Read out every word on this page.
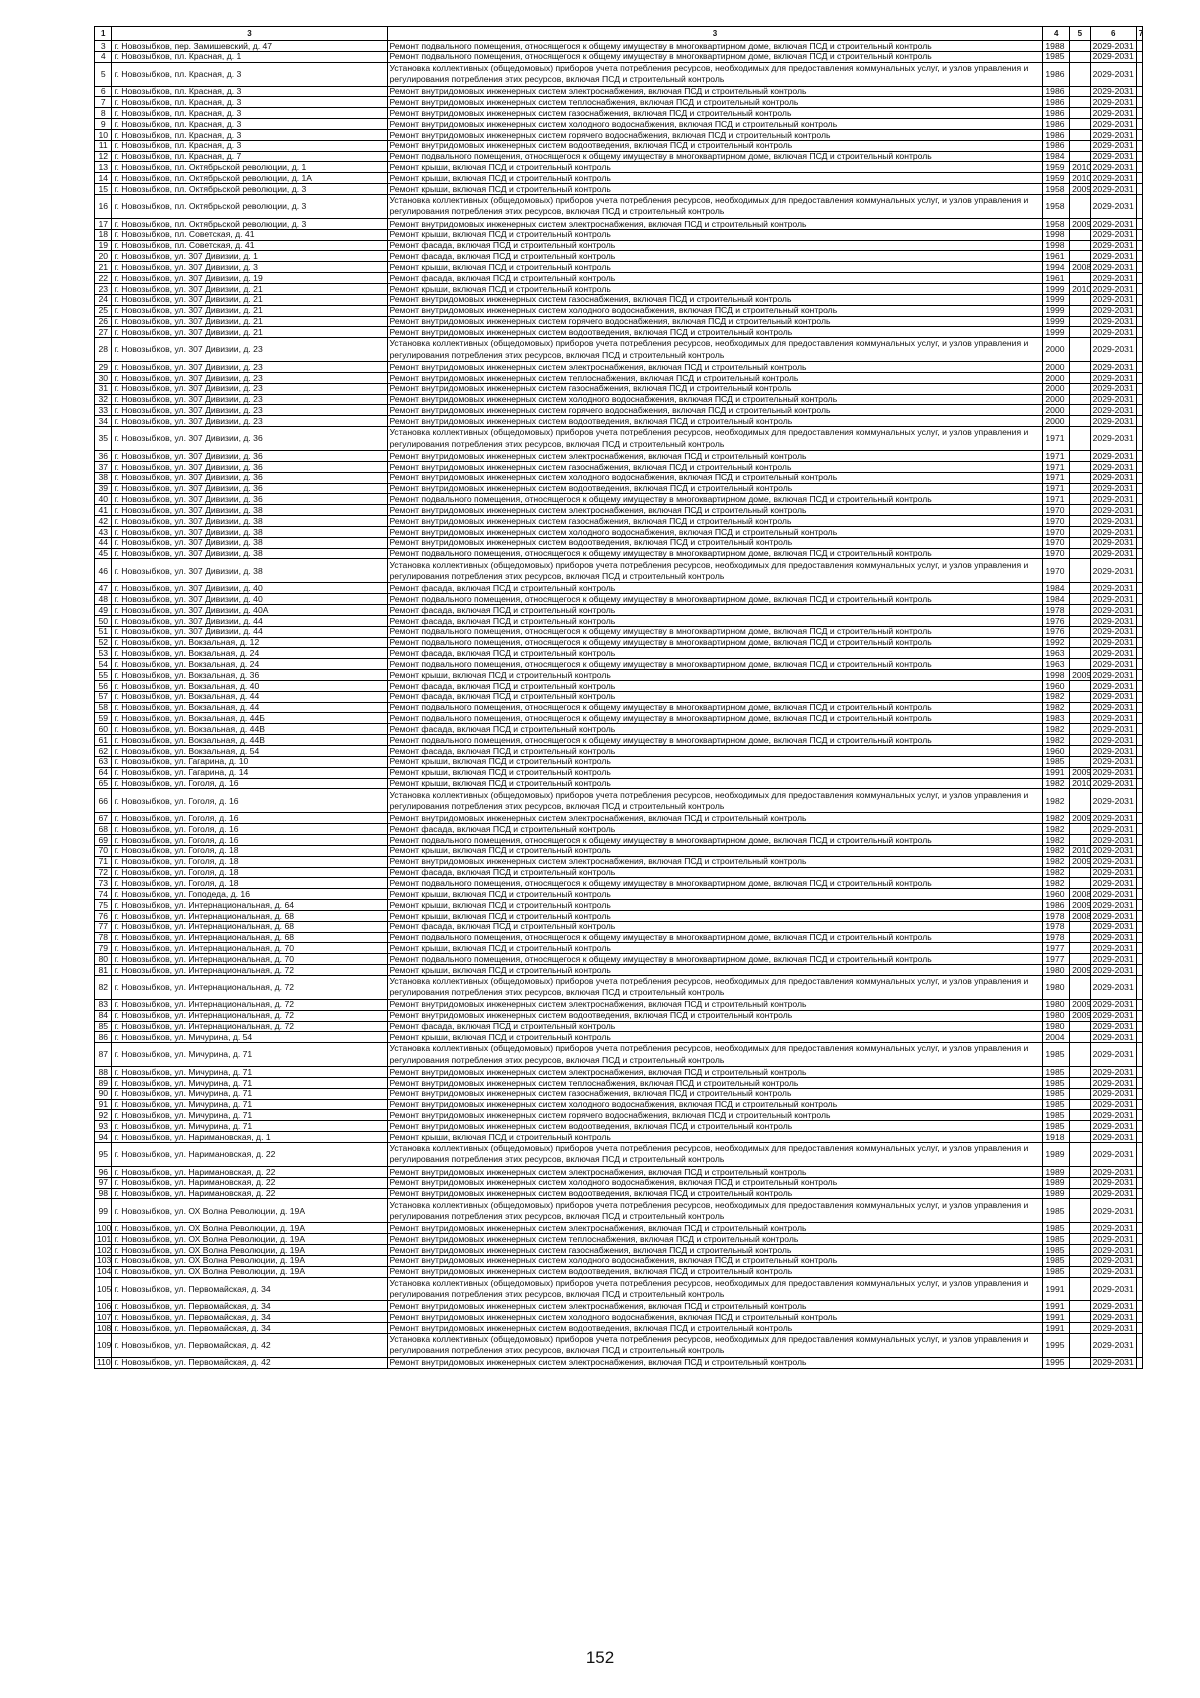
1	3	3	4	5	6	7
3	г. Новозыбков, пер. Замишевский, д. 47	Ремонт подвального помещения, относящегося к общему имуществу в многоквартирном доме, включая ПСД и строительный контроль	1988		2029-2031	
4	г. Новозыбков, пл. Красная, д. 1	Ремонт подвального помещения, относящегося к общему имуществу в многоквартирном доме, включая ПСД и строительный контроль	1985		2029-2031	
5	г. Новозыбков, пл. Красная, д. 3	Установка коллективных (общедомовых) приборов учета потребления ресурсов, необходимых для предоставления коммунальных услуг, и узлов управления и регулирования потребления этих ресурсов, включая ПСД и строительный контроль	1986		2029-2031	
6	г. Новозыбков, пл. Красная, д. 3	Ремонт внутридомовых инженерных систем электроснабжения, включая ПСД и строительный контроль	1986		2029-2031	
7	г. Новозыбков, пл. Красная, д. 3	Ремонт внутридомовых инженерных систем теплоснабжения, включая ПСД и строительный контроль	1986		2029-2031	
8	г. Новозыбков, пл. Красная, д. 3	Ремонт внутридомовых инженерных систем газоснабжения, включая ПСД и строительный контроль	1986		2029-2031	
9	г. Новозыбков, пл. Красная, д. 3	Ремонт внутридомовых инженерных систем холодного водоснабжения, включая ПСД и строительный контроль	1986		2029-2031	
10	г. Новозыбков, пл. Красная, д. 3	Ремонт внутридомовых инженерных систем горячего водоснабжения, включая ПСД и строительный контроль	1986		2029-2031	
11	г. Новозыбков, пл. Красная, д. 3	Ремонт внутридомовых инженерных систем водоотведения, включая ПСД и строительный контроль	1986		2029-2031	
12	г. Новозыбков, пл. Красная, д. 7	Ремонт подвального помещения, относящегося к общему имуществу в многоквартирном доме, включая ПСД и строительный контроль	1984		2029-2031	
13	г. Новозыбков, пл. Октябрьской революции, д. 1	Ремонт крыши, включая ПСД и строительный контроль	1959	2010	2029-2031	
14	г. Новозыбков, пл. Октябрьской революции, д. 1А	Ремонт крыши, включая ПСД и строительный контроль	1959	2010	2029-2031	
15	г. Новозыбков, пл. Октябрьской революции, д. 3	Ремонт крыши, включая ПСД и строительный контроль	1958	2009	2029-2031	
16	г. Новозыбков, пл. Октябрьской революции, д. 3	Установка коллективных (общедомовых) приборов учета потребления ресурсов, необходимых для предоставления коммунальных услуг, и узлов управления и регулирования потребления этих ресурсов, включая ПСД и строительный контроль	1958		2029-2031	
17	г. Новозыбков, пл. Октябрьской революции, д. 3	Ремонт внутридомовых инженерных систем электроснабжения, включая ПСД и строительный контроль	1958	2009	2029-2031	
18	г. Новозыбков, пл. Советская, д. 41	Ремонт крыши, включая ПСД и строительный контроль	1998		2029-2031	
19	г. Новозыбков, пл. Советская, д. 41	Ремонт фасада, включая ПСД и строительный контроль	1998		2029-2031	
20	г. Новозыбков, ул. 307 Дивизии, д. 1	Ремонт фасада, включая ПСД и строительный контроль	1961		2029-2031	
21	г. Новозыбков, ул. 307 Дивизии, д. 3	Ремонт крыши, включая ПСД и строительный контроль	1994	2008	2029-2031	
22	г. Новозыбков, ул. 307 Дивизии, д. 19	Ремонт фасада, включая ПСД и строительный контроль	1961		2029-2031	
23	г. Новозыбков, ул. 307 Дивизии, д. 21	Ремонт крыши, включая ПСД и строительный контроль	1999	2010	2029-2031	
24	г. Новозыбков, ул. 307 Дивизии, д. 21	Ремонт внутридомовых инженерных систем газоснабжения, включая ПСД и строительный контроль	1999		2029-2031	
25	г. Новозыбков, ул. 307 Дивизии, д. 21	Ремонт внутридомовых инженерных систем холодного водоснабжения, включая ПСД и строительный контроль	1999		2029-2031	
26	г. Новозыбков, ул. 307 Дивизии, д. 21	Ремонт внутридомовых инженерных систем горячего водоснабжения, включая ПСД и строительный контроль	1999		2029-2031	
27	г. Новозыбков, ул. 307 Дивизии, д. 21	Ремонт внутридомовых инженерных систем водоотведения, включая ПСД и строительный контроль	1999		2029-2031	
28	г. Новозыбков, ул. 307 Дивизии, д. 23	Установка коллективных (общедомовых) приборов учета потребления ресурсов, необходимых для предоставления коммунальных услуг, и узлов управления и регулирования потребления этих ресурсов, включая ПСД и строительный контроль	2000		2029-2031	
29	г. Новозыбков, ул. 307 Дивизии, д. 23	Ремонт внутридомовых инженерных систем электроснабжения, включая ПСД и строительный контроль	2000		2029-2031	
30	г. Новозыбков, ул. 307 Дивизии, д. 23	Ремонт внутридомовых инженерных систем теплоснабжения, включая ПСД и строительный контроль	2000		2029-2031	
31	г. Новозыбков, ул. 307 Дивизии, д. 23	Ремонт внутридомовых инженерных систем газоснабжения, включая ПСД и строительный контроль	2000		2029-2031	
32	г. Новозыбков, ул. 307 Дивизии, д. 23	Ремонт внутридомовых инженерных систем холодного водоснабжения, включая ПСД и строительный контроль	2000		2029-2031	
33	г. Новозыбков, ул. 307 Дивизии, д. 23	Ремонт внутридомовых инженерных систем горячего водоснабжения, включая ПСД и строительный контроль	2000		2029-2031	
34	г. Новозыбков, ул. 307 Дивизии, д. 23	Ремонт внутридомовых инженерных систем водоотведения, включая ПСД и строительный контроль	2000		2029-2031	
35	г. Новозыбков, ул. 307 Дивизии, д. 36	Установка коллективных (общедомовых) приборов учета потребления ресурсов, необходимых для предоставления коммунальных услуг, и узлов управления и регулирования потребления этих ресурсов, включая ПСД и строительный контроль	1971		2029-2031	
36	г. Новозыбков, ул. 307 Дивизии, д. 36	Ремонт внутридомовых инженерных систем электроснабжения, включая ПСД и строительный контроль	1971		2029-2031	
37	г. Новозыбков, ул. 307 Дивизии, д. 36	Ремонт внутридомовых инженерных систем газоснабжения, включая ПСД и строительный контроль	1971		2029-2031	
38	г. Новозыбков, ул. 307 Дивизии, д. 36	Ремонт внутридомовых инженерных систем холодного водоснабжения, включая ПСД и строительный контроль	1971		2029-2031	
39	г. Новозыбков, ул. 307 Дивизии, д. 36	Ремонт внутридомовых инженерных систем водоотведения, включая ПСД и строительный контроль	1971		2029-2031	
40	г. Новозыбков, ул. 307 Дивизии, д. 36	Ремонт подвального помещения, относящегося к общему имуществу в многоквартирном доме, включая ПСД и строительный контроль	1971		2029-2031	
41	г. Новозыбков, ул. 307 Дивизии, д. 38	Ремонт внутридомовых инженерных систем электроснабжения, включая ПСД и строительный контроль	1970		2029-2031	
42	г. Новозыбков, ул. 307 Дивизии, д. 38	Ремонт внутридомовых инженерных систем газоснабжения, включая ПСД и строительный контроль	1970		2029-2031	
43	г. Новозыбков, ул. 307 Дивизии, д. 38	Ремонт внутридомовых инженерных систем холодного водоснабжения, включая ПСД и строительный контроль	1970		2029-2031	
44	г. Новозыбков, ул. 307 Дивизии, д. 38	Ремонт внутридомовых инженерных систем водоотведения, включая ПСД и строительный контроль	1970		2029-2031	
45	г. Новозыбков, ул. 307 Дивизии, д. 38	Ремонт подвального помещения, относящегося к общему имуществу в многоквартирном доме, включая ПСД и строительный контроль	1970		2029-2031	
46	г. Новозыбков, ул. 307 Дивизии, д. 38	Установка коллективных (общедомовых) приборов учета потребления ресурсов, необходимых для предоставления коммунальных услуг, и узлов управления и регулирования потребления этих ресурсов, включая ПСД и строительный контроль	1970		2029-2031	
47	г. Новозыбков, ул. 307 Дивизии, д. 40	Ремонт фасада, включая ПСД и строительный контроль	1984		2029-2031	
48	г. Новозыбков, ул. 307 Дивизии, д. 40	Ремонт подвального помещения, относящегося к общему имуществу в многоквартирном доме, включая ПСД и строительный контроль	1984		2029-2031	
49	г. Новозыбков, ул. 307 Дивизии, д. 40А	Ремонт фасада, включая ПСД и строительный контроль	1978		2029-2031	
50	г. Новозыбков, ул. 307 Дивизии, д. 44	Ремонт фасада, включая ПСД и строительный контроль	1976		2029-2031	
51	г. Новозыбков, ул. 307 Дивизии, д. 44	Ремонт подвального помещения, относящегося к общему имуществу в многоквартирном доме, включая ПСД и строительный контроль	1976		2029-2031	
52	г. Новозыбков, ул. Вокзальная, д. 12	Ремонт подвального помещения, относящегося к общему имуществу в многоквартирном доме, включая ПСД и строительный контроль	1992		2029-2031	
53	г. Новозыбков, ул. Вокзальная, д. 24	Ремонт фасада, включая ПСД и строительный контроль	1963		2029-2031	
54	г. Новозыбков, ул. Вокзальная, д. 24	Ремонт подвального помещения, относящегося к общему имуществу в многоквартирном доме, включая ПСД и строительный контроль	1963		2029-2031	
55	г. Новозыбков, ул. Вокзальная, д. 36	Ремонт крыши, включая ПСД и строительный контроль	1998	2009	2029-2031	
56	г. Новозыбков, ул. Вокзальная, д. 40	Ремонт фасада, включая ПСД и строительный контроль	1960		2029-2031	
57	г. Новозыбков, ул. Вокзальная, д. 44	Ремонт фасада, включая ПСД и строительный контроль	1982		2029-2031	
58	г. Новозыбков, ул. Вокзальная, д. 44	Ремонт подвального помещения, относящегося к общему имуществу в многоквартирном доме, включая ПСД и строительный контроль	1982		2029-2031	
59	г. Новозыбков, ул. Вокзальная, д. 44Б	Ремонт подвального помещения, относящегося к общему имуществу в многоквартирном доме, включая ПСД и строительный контроль	1983		2029-2031	
60	г. Новозыбков, ул. Вокзальная, д. 44В	Ремонт фасада, включая ПСД и строительный контроль	1982		2029-2031	
61	г. Новозыбков, ул. Вокзальная, д. 44В	Ремонт подвального помещения, относящегося к общему имуществу в многоквартирном доме, включая ПСД и строительный контроль	1982		2029-2031	
62	г. Новозыбков, ул. Вокзальная, д. 54	Ремонт фасада, включая ПСД и строительный контроль	1960		2029-2031	
63	г. Новозыбков, ул. Гагарина, д. 10	Ремонт крыши, включая ПСД и строительный контроль	1985		2029-2031	
64	г. Новозыбков, ул. Гагарина, д. 14	Ремонт крыши, включая ПСД и строительный контроль	1991	2009	2029-2031	
65	г. Новозыбков, ул. Гоголя, д. 16	Ремонт крыши, включая ПСД и строительный контроль	1982	2010	2029-2031	
66	г. Новозыбков, ул. Гоголя, д. 16	Установка коллективных (общедомовых) приборов учета потребления ресурсов, необходимых для предоставления коммунальных услуг, и узлов управления и регулирования потребления этих ресурсов, включая ПСД и строительный контроль	1982		2029-2031	
67	г. Новозыбков, ул. Гоголя, д. 16	Ремонт внутридомовых инженерных систем электроснабжения, включая ПСД и строительный контроль	1982	2009	2029-2031	
68	г. Новозыбков, ул. Гоголя, д. 16	Ремонт фасада, включая ПСД и строительный контроль	1982		2029-2031	
69	г. Новозыбков, ул. Гоголя, д. 16	Ремонт подвального помещения, относящегося к общему имуществу в многоквартирном доме, включая ПСД и строительный контроль	1982		2029-2031	
70	г. Новозыбков, ул. Гоголя, д. 18	Ремонт крыши, включая ПСД и строительный контроль	1982	2010	2029-2031	
71	г. Новозыбков, ул. Гоголя, д. 18	Ремонт внутридомовых инженерных систем электроснабжения, включая ПСД и строительный контроль	1982	2009	2029-2031	
72	г. Новозыбков, ул. Гоголя, д. 18	Ремонт фасада, включая ПСД и строительный контроль	1982		2029-2031	
73	г. Новозыбков, ул. Гоголя, д. 18	Ремонт подвального помещения, относящегося к общему имуществу в многоквартирном доме, включая ПСД и строительный контроль	1982		2029-2031	
74	г. Новозыбков, ул. Гоподеда, д. 16	Ремонт крыши, включая ПСД и строительный контроль	1960	2008	2029-2031	
75	г. Новозыбков, ул. Интернациональная, д. 64	Ремонт крыши, включая ПСД и строительный контроль	1986	2009	2029-2031	
76	г. Новозыбков, ул. Интернациональная, д. 68	Ремонт крыши, включая ПСД и строительный контроль	1978	2008	2029-2031	
77	г. Новозыбков, ул. Интернациональная, д. 68	Ремонт фасада, включая ПСД и строительный контроль	1978		2029-2031	
78	г. Новозыбков, ул. Интернациональная, д. 68	Ремонт подвального помещения, относящегося к общему имуществу в многоквартирном доме, включая ПСД и строительный контроль	1978		2029-2031	
79	г. Новозыбков, ул. Интернациональная, д. 70	Ремонт крыши, включая ПСД и строительный контроль	1977		2029-2031	
80	г. Новозыбков, ул. Интернациональная, д. 70	Ремонт подвального помещения, относящегося к общему имуществу в многоквартирном доме, включая ПСД и строительный контроль	1977		2029-2031	
81	г. Новозыбков, ул. Интернациональная, д. 72	Ремонт крыши, включая ПСД и строительный контроль	1980	2009	2029-2031	
82	г. Новозыбков, ул. Интернациональная, д. 72	Установка коллективных (общедомовых) приборов учета потребления ресурсов, необходимых для предоставления коммунальных услуг, и узлов управления и регулирования потребления этих ресурсов, включая ПСД и строительный контроль	1980		2029-2031	
83	г. Новозыбков, ул. Интернациональная, д. 72	Ремонт внутридомовых инженерных систем электроснабжения, включая ПСД и строительный контроль	1980	2009	2029-2031	
84	г. Новозыбков, ул. Интернациональная, д. 72	Ремонт внутридомовых инженерных систем водоотведения, включая ПСД и строительный контроль	1980	2009	2029-2031	
85	г. Новозыбков, ул. Интернациональная, д. 72	Ремонт фасада, включая ПСД и строительный контроль	1980		2029-2031	
86	г. Новозыбков, ул. Мичурина, д. 54	Ремонт крыши, включая ПСД и строительный контроль	2004		2029-2031	
87	г. Новозыбков, ул. Мичурина, д. 71	Установка коллективных (общедомовых) приборов учета потребления ресурсов, необходимых для предоставления коммунальных услуг, и узлов управления и регулирования потребления этих ресурсов, включая ПСД и строительный контроль	1985		2029-2031	
88	г. Новозыбков, ул. Мичурина, д. 71	Ремонт внутридомовых инженерных систем электроснабжения, включая ПСД и строительный контроль	1985		2029-2031	
89	г. Новозыбков, ул. Мичурина, д. 71	Ремонт внутридомовых инженерных систем теплоснабжения, включая ПСД и строительный контроль	1985		2029-2031	
90	г. Новозыбков, ул. Мичурина, д. 71	Ремонт внутридомовых инженерных систем газоснабжения, включая ПСД и строительный контроль	1985		2029-2031	
91	г. Новозыбков, ул. Мичурина, д. 71	Ремонт внутридомовых инженерных систем холодного водоснабжения, включая ПСД и строительный контроль	1985		2029-2031	
92	г. Новозыбков, ул. Мичурина, д. 71	Ремонт внутридомовых инженерных систем горячего водоснабжения, включая ПСД и строительный контроль	1985		2029-2031	
93	г. Новозыбков, ул. Мичурина, д. 71	Ремонт внутридомовых инженерных систем водоотведения, включая ПСД и строительный контроль	1985		2029-2031	
94	г. Новозыбков, ул. Наримановская, д. 1	Ремонт крыши, включая ПСД и строительный контроль	1918		2029-2031	
95	г. Новозыбков, ул. Наримановская, д. 22	Установка коллективных (общедомовых) приборов учета потребления ресурсов, необходимых для предоставления коммунальных услуг, и узлов управления и регулирования потребления этих ресурсов, включая ПСД и строительный контроль	1989		2029-2031	
96	г. Новозыбков, ул. Наримановская, д. 22	Ремонт внутридомовых инженерных систем электроснабжения, включая ПСД и строительный контроль	1989		2029-2031	
97	г. Новозыбков, ул. Наримановская, д. 22	Ремонт внутридомовых инженерных систем холодного водоснабжения, включая ПСД и строительный контроль	1989		2029-2031	
98	г. Новозыбков, ул. Наримановская, д. 22	Ремонт внутридомовых инженерных систем водоотведения, включая ПСД и строительный контроль	1989		2029-2031	
99	г. Новозыбков, ул. ОХ Волна Революции, д. 19А	Установка коллективных (общедомовых) приборов учета потребления ресурсов, необходимых для предоставления коммунальных услуг, и узлов управления и регулирования потребления этих ресурсов, включая ПСД и строительный контроль	1985		2029-2031	
100	г. Новозыбков, ул. ОХ Волна Революции, д. 19А	Ремонт внутридомовых инженерных систем электроснабжения, включая ПСД и строительный контроль	1985		2029-2031	
101	г. Новозыбков, ул. ОХ Волна Революции, д. 19А	Ремонт внутридомовых инженерных систем теплоснабжения, включая ПСД и строительный контроль	1985		2029-2031	
102	г. Новозыбков, ул. ОХ Волна Революции, д. 19А	Ремонт внутридомовых инженерных систем газоснабжения, включая ПСД и строительный контроль	1985		2029-2031	
103	г. Новозыбков, ул. ОХ Волна Революции, д. 19А	Ремонт внутридомовых инженерных систем холодного водоснабжения, включая ПСД и строительный контроль	1985		2029-2031	
104	г. Новозыбков, ул. ОХ Волна Революции, д. 19А	Ремонт внутридомовых инженерных систем водоотведения, включая ПСД и строительный контроль	1985		2029-2031	
105	г. Новозыбков, ул. Первомайская, д. 34	Установка коллективных (общедомовых) приборов учета потребления ресурсов, необходимых для предоставления коммунальных услуг, и узлов управления и регулирования потребления этих ресурсов, включая ПСД и строительный контроль	1991		2029-2031	
106	г. Новозыбков, ул. Первомайская, д. 34	Ремонт внутридомовых инженерных систем электроснабжения, включая ПСД и строительный контроль	1991		2029-2031	
107	г. Новозыбков, ул. Первомайская, д. 34	Ремонт внутридомовых инженерных систем холодного водоснабжения, включая ПСД и строительный контроль	1991		2029-2031	
108	г. Новозыбков, ул. Первомайская, д. 34	Ремонт внутридомовых инженерных систем водоотведения, включая ПСД и строительный контроль	1991		2029-2031	
109	г. Новозыбков, ул. Первомайская, д. 42	Установка коллективных (общедомовых) приборов учета потребления ресурсов, необходимых для предоставления коммунальных услуг, и узлов управления и регулирования потребления этих ресурсов, включая ПСД и строительный контроль	1995		2029-2031	
110	г. Новозыбков, ул. Первомайская, д. 42	Ремонт внутридомовых инженерных систем электроснабжения, включая ПСД и строительный контроль	1995		2029-2031	
152
